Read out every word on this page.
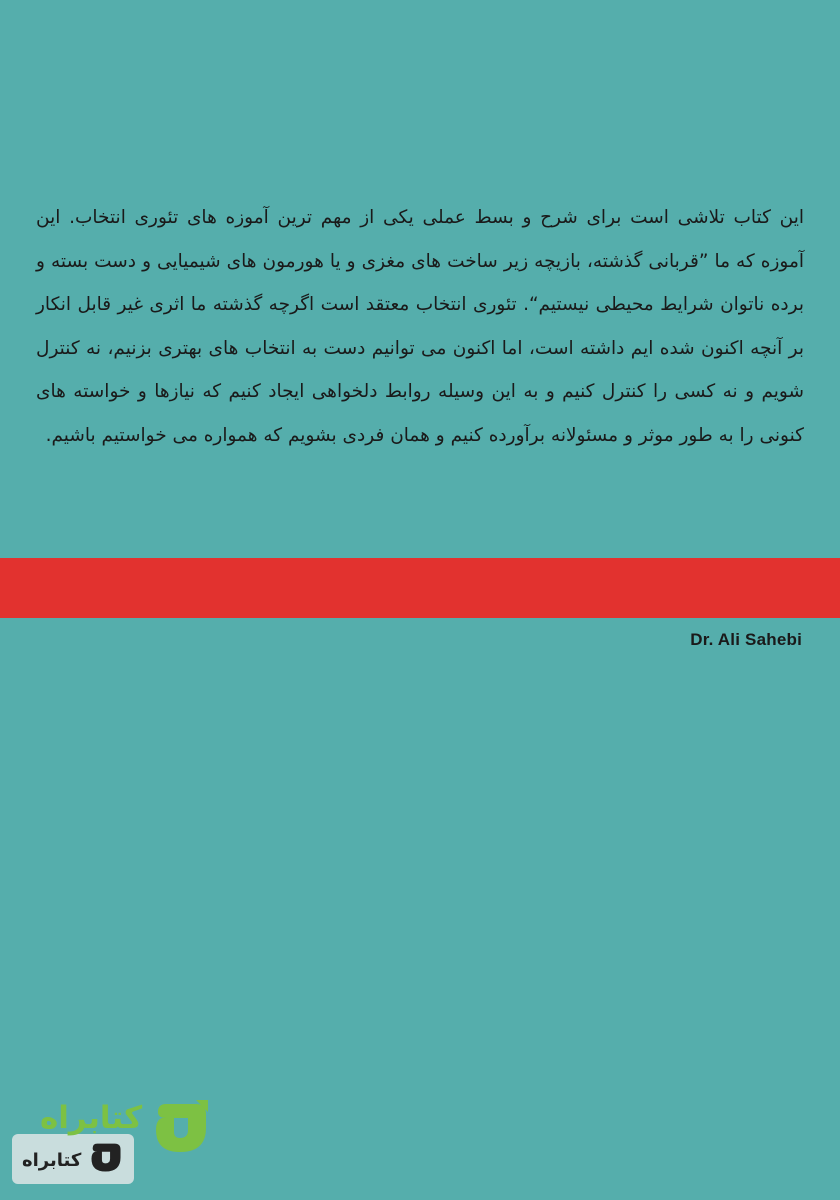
این کتاب تلاشی است برای شرح و بسط عملی یکی از مهم ترین آموزه های تئوری انتخاب. این آموزه که ما ”قربانی گذشته، بازیچه زیر ساخت های مغزی و یا هورمون های شیمیایی و دست بسته و برده ناتوان شرایط محیطی نیستیم“. تئوری انتخاب معتقد است اگرچه گذشته ما اثری غیر قابل انکار بر آنچه اکنون شده ایم داشته است، اما اکنون می توانیم دست به انتخاب های بهتری بزنیم، نه کنترل شویم و نه کسی را کنترل کنیم و به این وسیله روابط دلخواهی ایجاد کنیم که نیازها و خواسته های کنونی را به طور موثر و مسئولانه برآورده کنیم و همان فردی بشویم که همواره می خواستیم باشیم.

Dr. Ali Sahebi
کتابراه
کتابراه
